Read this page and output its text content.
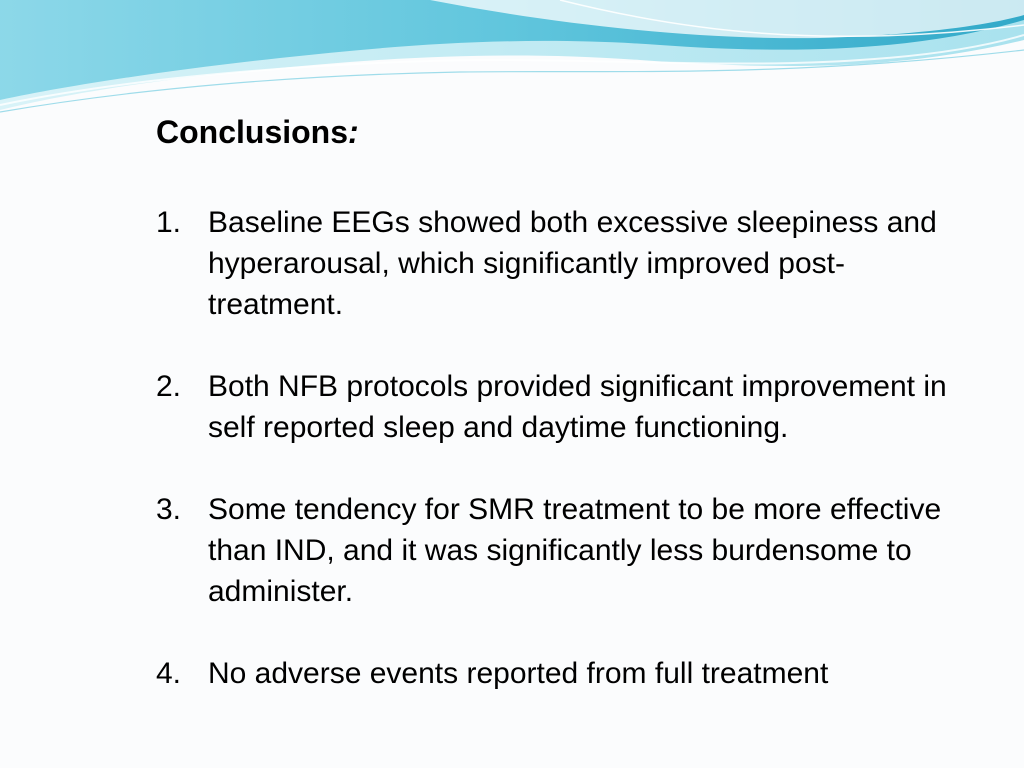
Conclusions:
1. Baseline EEGs showed both excessive sleepiness and hyperarousal, which significantly improved post-treatment.
2. Both NFB protocols provided significant improvement in self reported sleep and daytime functioning.
3. Some tendency for SMR treatment to be more effective than IND, and it was significantly less burdensome to administer.
4. No adverse events reported from full treatment
